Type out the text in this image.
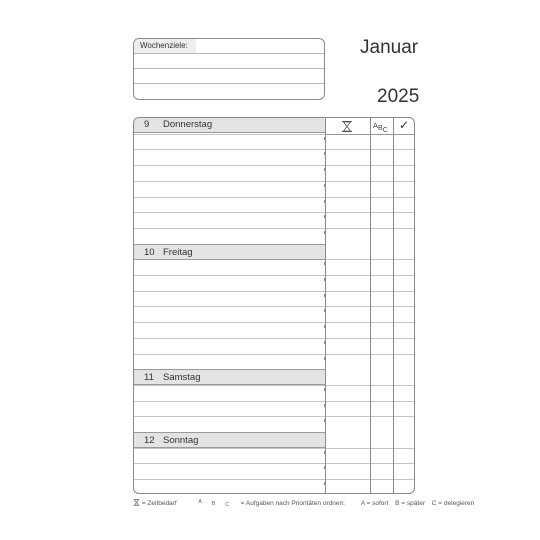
Wochenziele:	Januar
2025
ABC ✓
9 Donnerstag
10 Freitag
11 Samstag
12 Sonntag
= Zeitbedarf	$^A$ B C = Aufgaben nach Prioritäten ordnen: A = sofort B = später C = delegieren
